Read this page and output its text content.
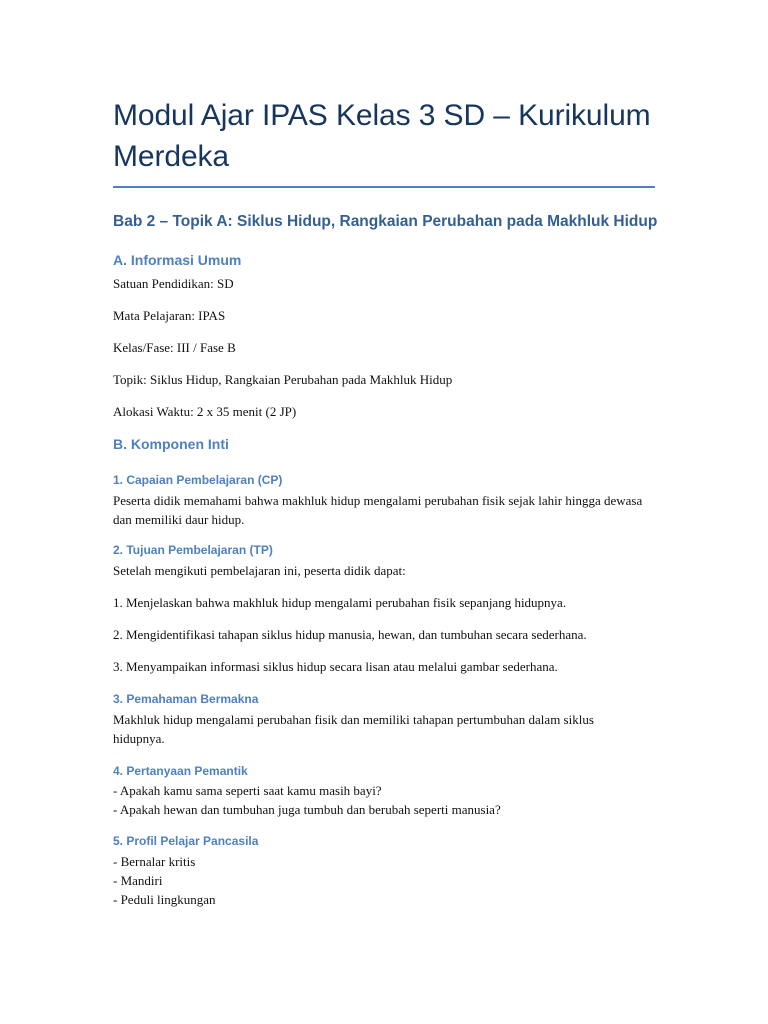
Modul Ajar IPAS Kelas 3 SD – Kurikulum Merdeka
Bab 2 – Topik A: Siklus Hidup, Rangkaian Perubahan pada Makhluk Hidup
A. Informasi Umum

Satuan Pendidikan: SD

Mata Pelajaran: IPAS

Kelas/Fase: III / Fase B

Topik: Siklus Hidup, Rangkaian Perubahan pada Makhluk Hidup

Alokasi Waktu: 2 x 35 menit (2 JP)

B. Komponen Inti
1. Capaian Pembelajaran (CP)

Peserta didik memahami bahwa makhluk hidup mengalami perubahan fisik sejak lahir hingga dewasa dan memiliki daur hidup.

2. Tujuan Pembelajaran (TP)

Setelah mengikuti pembelajaran ini, peserta didik dapat:

1. Menjelaskan bahwa makhluk hidup mengalami perubahan fisik sepanjang hidupnya.

2. Mengidentifikasi tahapan siklus hidup manusia, hewan, dan tumbuhan secara sederhana.

3. Menyampaikan informasi siklus hidup secara lisan atau melalui gambar sederhana.

3. Pemahaman Bermakna

Makhluk hidup mengalami perubahan fisik dan memiliki tahapan pertumbuhan dalam siklus hidupnya.

4. Pertanyaan Pemantik

- Apakah kamu sama seperti saat kamu masih bayi?

- Apakah hewan dan tumbuhan juga tumbuh dan berubah seperti manusia?

5. Profil Pelajar Pancasila

- Bernalar kritis

- Mandiri

- Peduli lingkungan
